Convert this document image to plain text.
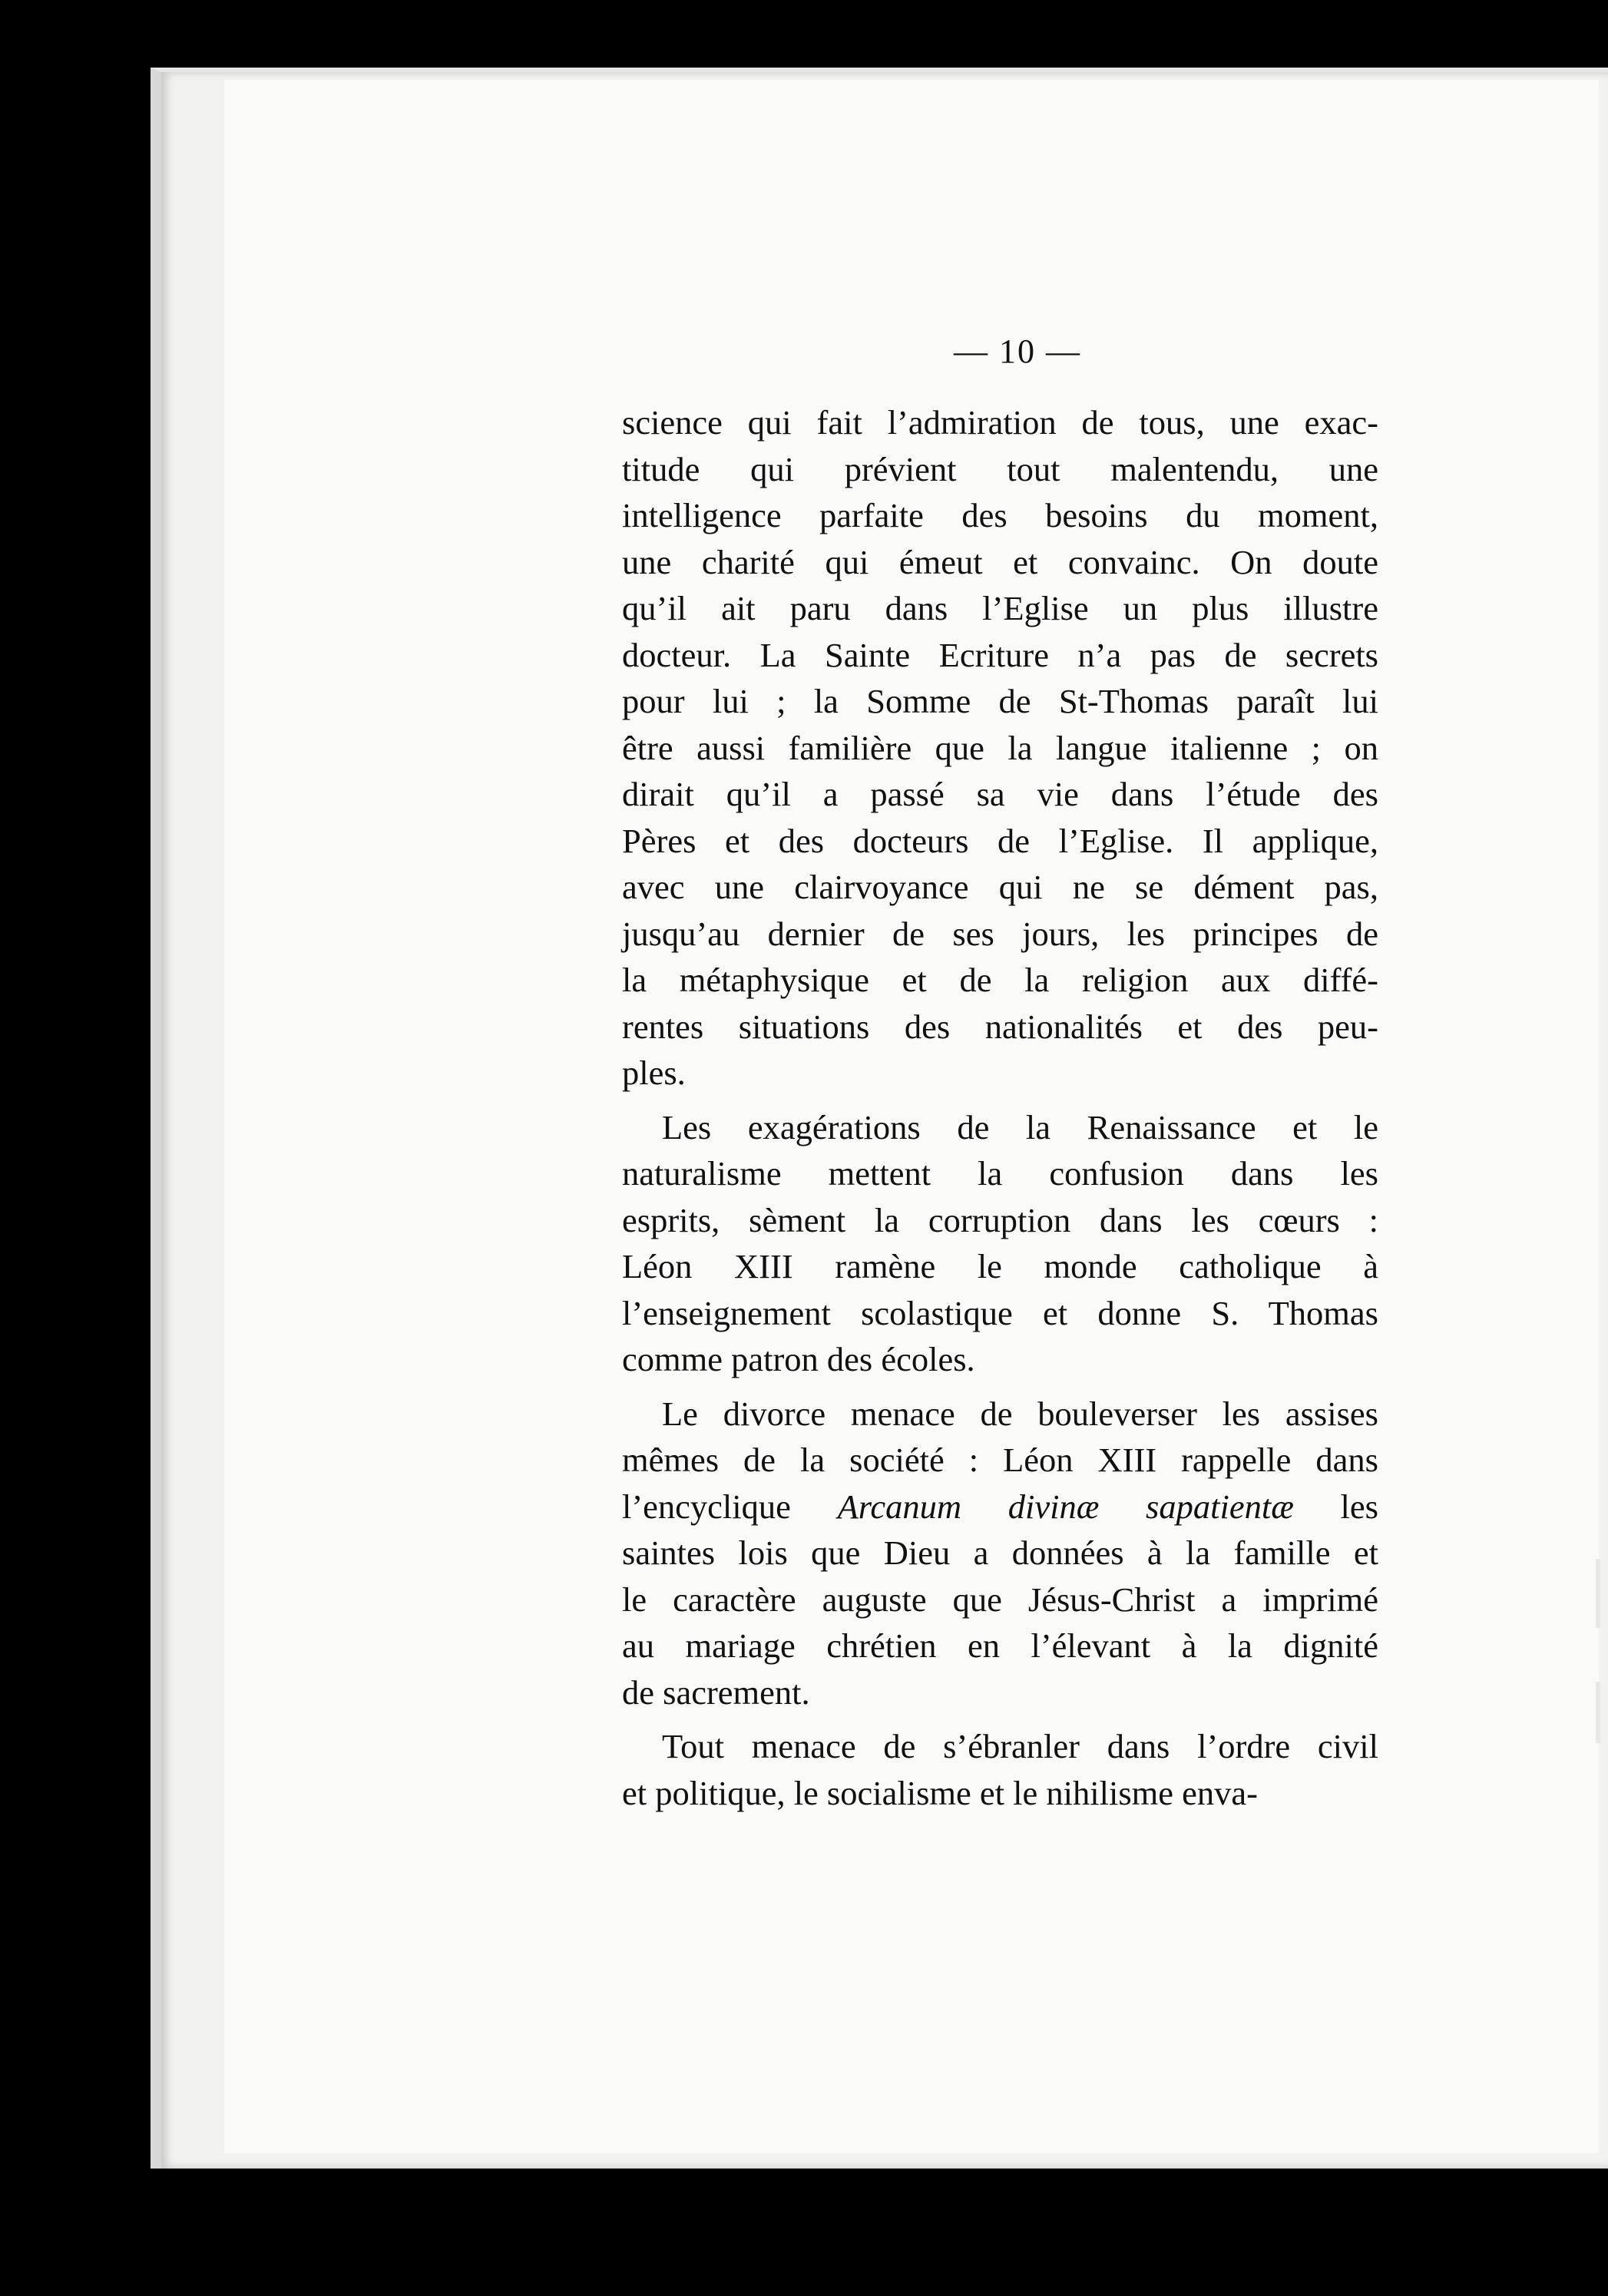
— 10 —
science qui fait l’admiration de tous, une exac-
titude qui prévient tout malentendu, une
intelligence parfaite des besoins du moment,
une charité qui émeut et convainc. On doute
qu’il ait paru dans l’Eglise un plus illustre
docteur. La Sainte Ecriture n’a pas de secrets
pour lui ; la Somme de St-Thomas paraît lui
être aussi familière que la langue italienne ; on
dirait qu’il a passé sa vie dans l’étude des
Pères et des docteurs de l’Eglise. Il applique,
avec une clairvoyance qui ne se dément pas,
jusqu’au dernier de ses jours, les principes de
la métaphysique et de la religion aux diffé-
rentes situations des nationalités et des peu-
ples.
Les exagérations de la Renaissance et le
naturalisme mettent la confusion dans les
esprits, sèment la corruption dans les cœurs :
Léon XIII ramène le monde catholique à
l’enseignement scolastique et donne S. Thomas
comme patron des écoles.
Le divorce menace de bouleverser les assises
mêmes de la société : Léon XIII rappelle dans
l’encyclique Arcanum divinæ sapatientæ les
saintes lois que Dieu a données à la famille et
le caractère auguste que Jésus-Christ a imprimé
au mariage chrétien en l’élevant à la dignité
de sacrement.
Tout menace de s’ébranler dans l’ordre civil
et politique, le socialisme et le nihilisme enva-
